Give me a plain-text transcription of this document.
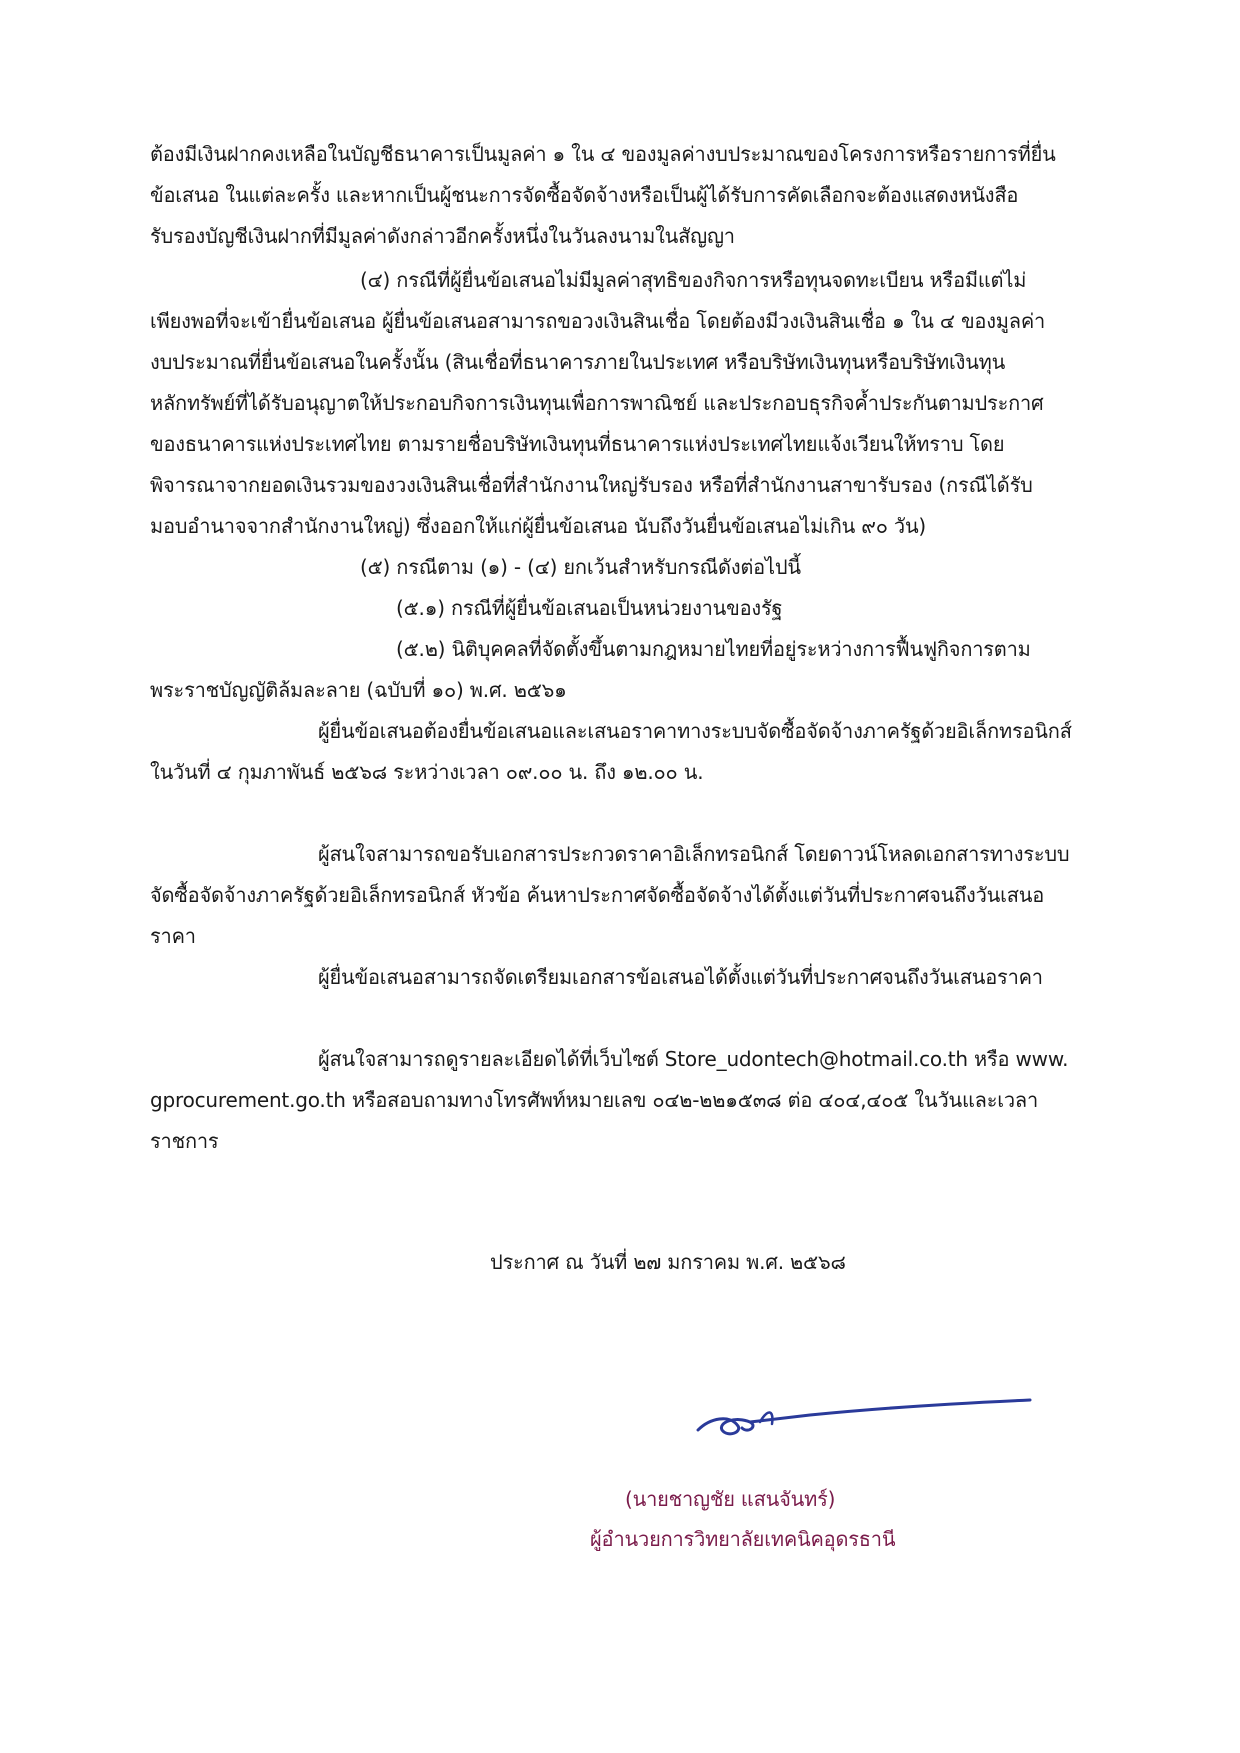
ต้องมีเงินฝากคงเหลือในบัญชีธนาคารเป็นมูลค่า ๑ ใน ๔ ของมูลค่างบประมาณของโครงการหรือรายการที่ยื่น
ข้อเสนอ ในแต่ละครั้ง และหากเป็นผู้ชนะการจัดซื้อจัดจ้างหรือเป็นผู้ได้รับการคัดเลือกจะต้องแสดงหนังสือ
รับรองบัญชีเงินฝากที่มีมูลค่าดังกล่าวอีกครั้งหนึ่งในวันลงนามในสัญญา
(๔) กรณีที่ผู้ยื่นข้อเสนอไม่มีมูลค่าสุทธิของกิจการหรือทุนจดทะเบียน หรือมีแต่ไม่
เพียงพอที่จะเข้ายื่นข้อเสนอ ผู้ยื่นข้อเสนอสามารถขอวงเงินสินเชื่อ โดยต้องมีวงเงินสินเชื่อ ๑ ใน ๔ ของมูลค่า
งบประมาณที่ยื่นข้อเสนอในครั้งนั้น (สินเชื่อที่ธนาคารภายในประเทศ หรือบริษัทเงินทุนหรือบริษัทเงินทุน
หลักทรัพย์ที่ได้รับอนุญาตให้ประกอบกิจการเงินทุนเพื่อการพาณิชย์ และประกอบธุรกิจค้ำประกันตามประกาศ
ของธนาคารแห่งประเทศไทย ตามรายชื่อบริษัทเงินทุนที่ธนาคารแห่งประเทศไทยแจ้งเวียนให้ทราบ โดย
พิจารณาจากยอดเงินรวมของวงเงินสินเชื่อที่สำนักงานใหญ่รับรอง หรือที่สำนักงานสาขารับรอง (กรณีได้รับ
มอบอำนาจจากสำนักงานใหญ่) ซึ่งออกให้แก่ผู้ยื่นข้อเสนอ นับถึงวันยื่นข้อเสนอไม่เกิน ๙๐ วัน)
(๕) กรณีตาม (๑) - (๔) ยกเว้นสำหรับกรณีดังต่อไปนี้
(๕.๑) กรณีที่ผู้ยื่นข้อเสนอเป็นหน่วยงานของรัฐ
(๕.๒) นิติบุคคลที่จัดตั้งขึ้นตามกฎหมายไทยที่อยู่ระหว่างการฟื้นฟูกิจการตาม
พระราชบัญญัติล้มละลาย (ฉบับที่ ๑๐) พ.ศ. ๒๕๖๑
ผู้ยื่นข้อเสนอต้องยื่นข้อเสนอและเสนอราคาทางระบบจัดซื้อจัดจ้างภาครัฐด้วยอิเล็กทรอนิกส์
ในวันที่ ๔ กุมภาพันธ์ ๒๕๖๘ ระหว่างเวลา ๐๙.๐๐ น. ถึง ๑๒.๐๐ น.
ผู้สนใจสามารถขอรับเอกสารประกวดราคาอิเล็กทรอนิกส์ โดยดาวน์โหลดเอกสารทางระบบ
จัดซื้อจัดจ้างภาครัฐด้วยอิเล็กทรอนิกส์ หัวข้อ ค้นหาประกาศจัดซื้อจัดจ้างได้ตั้งแต่วันที่ประกาศจนถึงวันเสนอ
ราคา
ผู้ยื่นข้อเสนอสามารถจัดเตรียมเอกสารข้อเสนอได้ตั้งแต่วันที่ประกาศจนถึงวันเสนอราคา
ผู้สนใจสามารถดูรายละเอียดได้ที่เว็บไซต์ Store_udontech@hotmail.co.th หรือ www.
gprocurement.go.th หรือสอบถามทางโทรศัพท์หมายเลข ๐๔๒-๒๒๑๕๓๘ ต่อ ๔๐๔,๔๐๕ ในวันและเวลา
ราชการ
ประกาศ ณ วันที่ ๒๗ มกราคม พ.ศ. ๒๕๖๘
(นายชาญชัย แสนจันทร์)
ผู้อำนวยการวิทยาลัยเทคนิคอุดรธานี
